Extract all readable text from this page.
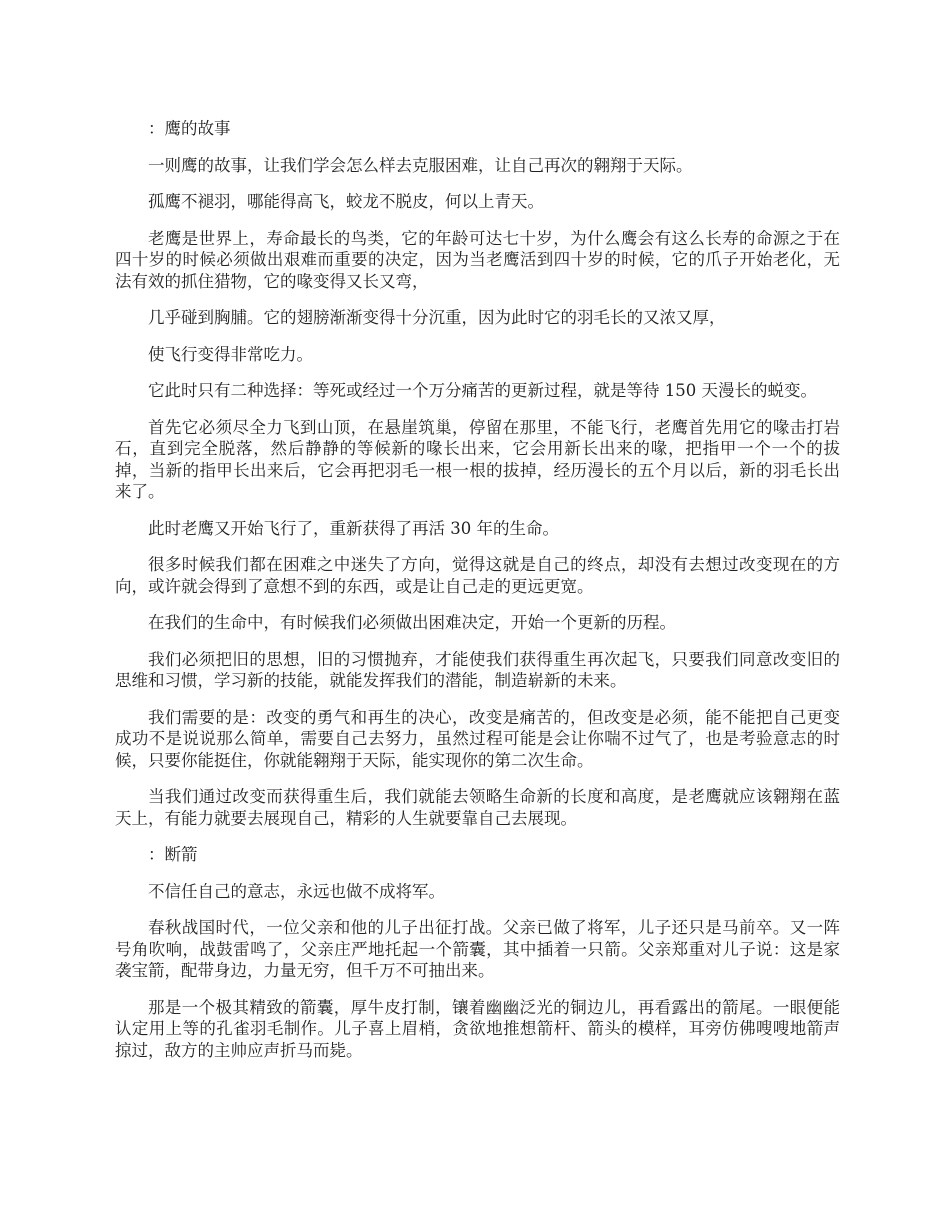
：鹰的故事

一则鹰的故事，让我们学会怎么样去克服困难，让自己再次的翱翔于天际。

孤鹰不褪羽，哪能得高飞，蛟龙不脱皮，何以上青天。

老鹰是世界上，寿命最长的鸟类，它的年龄可达七十岁，为什么鹰会有这么长寿的命源之于在四十岁的时候必须做出艰难而重要的决定，因为当老鹰活到四十岁的时候，它的爪子开始老化，无法有效的抓住猎物，它的喙变得又长又弯，

几乎碰到胸脯。它的翅膀渐渐变得十分沉重，因为此时它的羽毛长的又浓又厚，

使飞行变得非常吃力。

它此时只有二种选择：等死或经过一个万分痛苦的更新过程，就是等待 150 天漫长的蜕变。

首先它必须尽全力飞到山顶，在悬崖筑巢，停留在那里，不能飞行，老鹰首先用它的喙击打岩石，直到完全脱落，然后静静的等候新的喙长出来，它会用新长出来的喙，把指甲一个一个的拔掉，当新的指甲长出来后，它会再把羽毛一根一根的拔掉，经历漫长的五个月以后，新的羽毛长出来了。

此时老鹰又开始飞行了，重新获得了再活 30 年的生命。

很多时候我们都在困难之中迷失了方向，觉得这就是自己的终点，却没有去想过改变现在的方向，或许就会得到了意想不到的东西，或是让自己走的更远更宽。

在我们的生命中，有时候我们必须做出困难决定，开始一个更新的历程。

我们必须把旧的思想，旧的习惯抛弃，才能使我们获得重生再次起飞，只要我们同意改变旧的思维和习惯，学习新的技能，就能发挥我们的潜能，制造崭新的未来。

我们需要的是：改变的勇气和再生的决心，改变是痛苦的，但改变是必须，能不能把自己更变成功不是说说那么简单，需要自己去努力，虽然过程可能是会让你喘不过气了，也是考验意志的时候，只要你能挺住，你就能翱翔于天际，能实现你的第二次生命。

当我们通过改变而获得重生后，我们就能去领略生命新的长度和高度，是老鹰就应该翱翔在蓝天上，有能力就要去展现自己，精彩的人生就要靠自己去展现。

：断箭

不信任自己的意志，永远也做不成将军。

春秋战国时代，一位父亲和他的儿子出征打战。父亲已做了将军，儿子还只是马前卒。又一阵号角吹响，战鼓雷鸣了，父亲庄严地托起一个箭囊，其中插着一只箭。父亲郑重对儿子说：这是家袭宝箭，配带身边，力量无穷，但千万不可抽出来。

那是一个极其精致的箭囊，厚牛皮打制，镶着幽幽泛光的铜边儿，再看露出的箭尾。一眼便能认定用上等的孔雀羽毛制作。儿子喜上眉梢，贪欲地推想箭杆、箭头的模样，耳旁仿佛嗖嗖地箭声掠过，敌方的主帅应声折马而毙。
